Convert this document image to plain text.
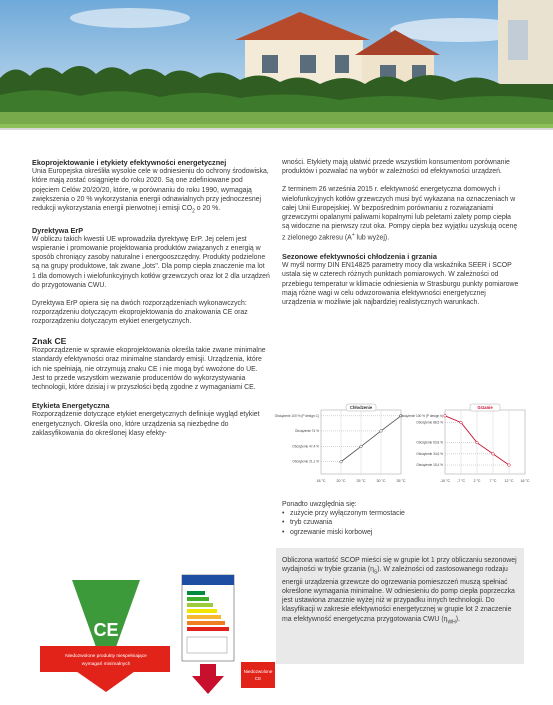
Ekoprojektowanie i etykiety efektywności energetycznej

Unia Europejska określiła wysokie cele w odniesieniu do ochrony środowiska, które mają zostać osiągnięte do roku 2020. Są one zdefiniowane pod pojęciem Celów 20/20/20, które, w porównaniu do roku 1990, wymagają zwiększenia o 20 % wykorzystania energii odnawialnych przy jednoczesnej redukcji wykorzystania energii pierwotnej i emisji $CO_2$ o 20 %.

Dyrektywa ErP

W obliczu takich kwestii UE wprowadziła dyrektywę ErP. Jej celem jest wspieranie i promowanie projektowania produktów związanych z energią w sposób chroniący zasoby naturalne i energooszczędny. Produkty podzielone są na grupy produktowe, tak zwane „lots". Dla pomp ciepła znaczenie ma lot 1 dla domowych i wielofunkcyjnych kotłów grzewczych oraz lot 2 dla urządzeń do przygotowania CWU.

Dyrektywa ErP opiera się na dwóch rozporządzeniach wykonawczych: rozporządzeniu dotyczącym ekoprojektowania do znakowania CE oraz rozporządzeniu dotyczącym etykiet energetycznych.

Znak CE

Rozporządzenie w sprawie ekoprojektowania określa takie zwane minimalne standardy efektywności oraz minimalne standardy emisji. Urządzenia, które ich nie spełniają, nie otrzymują znaku CE i nie mogą być wwożone do UE. Jest to przede wszystkim wezwanie producentów do wykorzystywania technologii, które dzisiaj i w przyszłości będą zgodne z wymaganiami CE.

Etykieta Energetyczna

Rozporządzenie dotyczące etykiet energetycznych definiuje wygląd etykiet energetycznych. Określa ono, które urządzenia są niezbędne do zaklasyfikowania do określonej klasy efekty-

CE
Niedozwolone produkty niespełniające
wymagań minimalnych
Niedozwolone
CE

wności. Etykiety mają ułatwić przede wszystkim konsumentom porównanie produktów i pozwalać na wybór w zależności od efektywności urządzeń.

Z terminem 26 września 2015 r. efektywność energetyczna domowych i wielofunkcyjnych kotłów grzewczych musi być wykazana na oznaczeniach w całej Unii Europejskiej. W bezpośrednim porównaniu z rozwiązaniami grzewczymi opalanymi paliwami kopalnymi lub peletami zalety pomp ciepła są widoczne na pierwszy rzut oka. Pompy ciepła bez wyjątku uzyskują ocenę z zielonego zakresu (A+ lub wyżej).

Sezonowe efektywności chłodzenia i grzania

W myśl normy DIN EN14825 parametry mocy dla wskaźnika SEER i SCOP ustala się w czterech różnych punktach pomiarowych. W zależności od przebiegu temperatur w klimacie odniesienia w Strasburgu punkty pomiarowe mają różne wagi w celu odwzorowania efektywności energetycznej urządzenia w możliwie jak najbardziej realistycznych warunkach.

18 °C	20 °C	25 °C	30 °C	35 °C
Obciążenie 100 % (P design C)
Obciążenie 74 %
Obciążenie 47,4 %
Obciążenie 21,1 %
Chłodzenie
-10 °C -7 °C 2 °C 7 °C 12 °C 16 °C
Obciążenie 100 % (P design h)
Obciążenie 88,5 %
Obciążenie 53,8 %
Obciążenie 34,6 %
Obciążenie 15,4 %
Grzanie

Ponadto uwzględnia się:

• zużycie przy wyłączonym termostacie
• tryb czuwania
• ogrzewanie miski korbowej

Obliczona wartość SCOP mieści się w grupie lot 1 przy obliczaniu sezonowej wydajności w trybie grzania $(\eta_S)$. W zależności od zastosowanego rodzaju energii urządzenia grzewcze do ogrzewania pomieszczeń muszą spełniać określone wymagania minimalne. W odniesieniu do pomp ciepła poprzeczka jest ustawiona znacznie wyżej niż w przypadku innych technologii. Do klasyfikacji w zakresie efektywności energetycznej w grupie lot 2 znaczenie ma efektywność energetyczna przygotowania CWU $(\eta_{WH})$.
